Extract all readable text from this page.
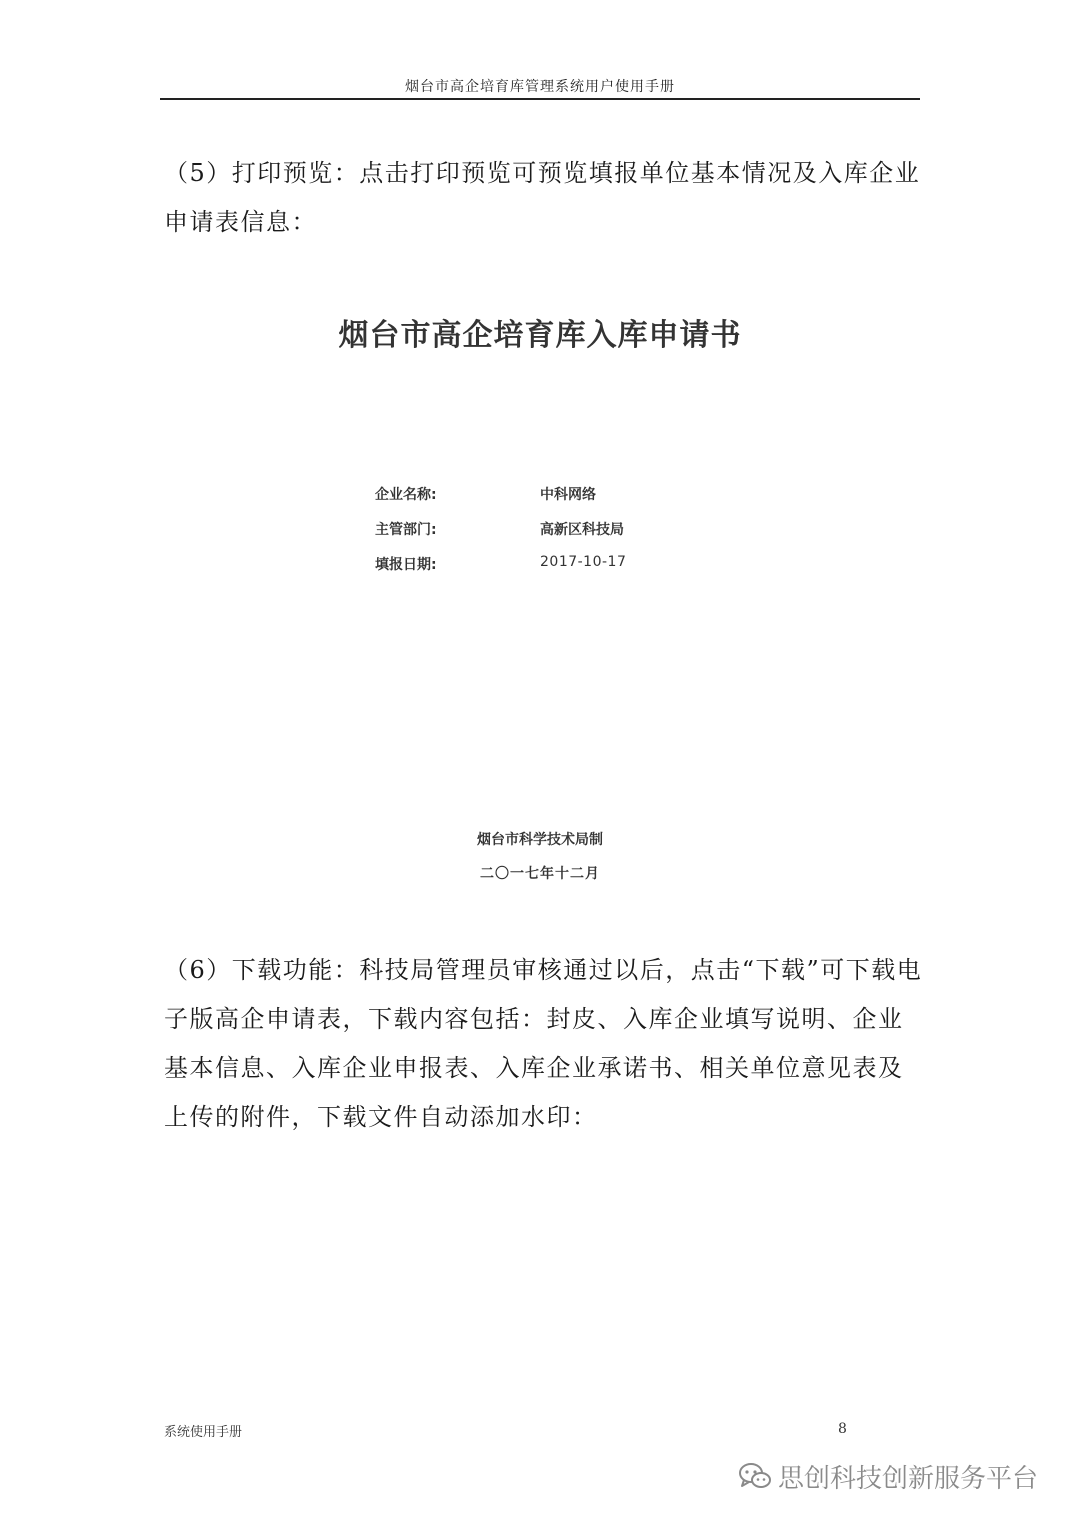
烟台市高企培育库管理系统用户使用手册
（5）打印预览：点击打印预览可预览填报单位基本情况及入库企业
申请表信息：
烟台市高企培育库入库申请书
企业名称:	中科网络
主管部门:	高新区科技局
填报日期:	2017-10-17
烟台市科学技术局制
二〇一七年十二月
（6）下载功能：科技局管理员审核通过以后，点击“下载”可下载电
子版高企申请表，下载内容包括：封皮、入库企业填写说明、企业
基本信息、入库企业申报表、入库企业承诺书、相关单位意见表及
上传的附件，下载文件自动添加水印：
系统使用手册	8
思创科技创新服务平台
